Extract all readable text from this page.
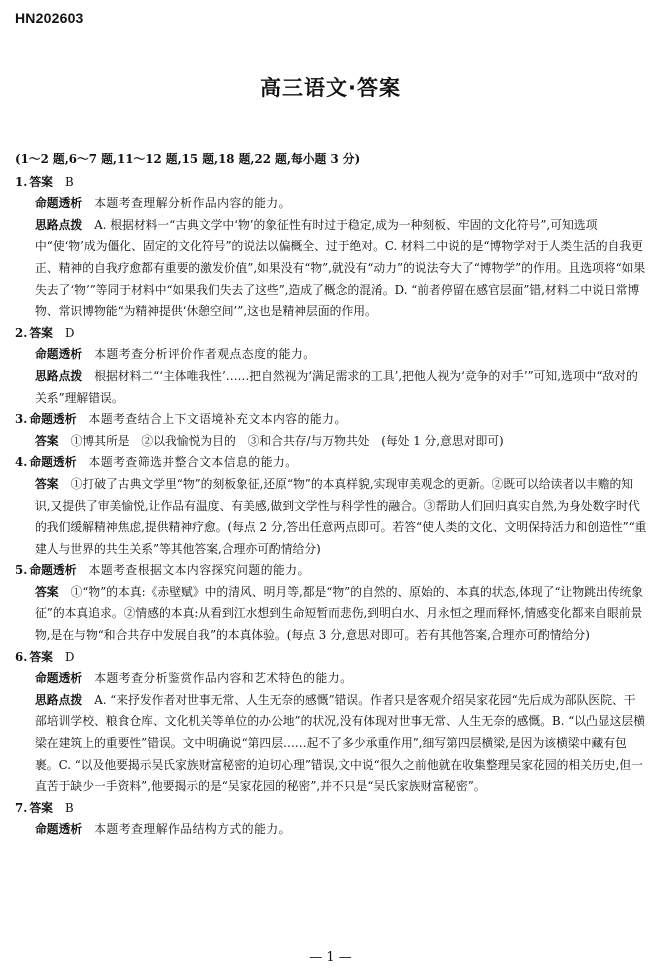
HN202603
高三语文·答案
(1～2 题,6～7 题,11～12 题,15 题,18 题,22 题,每小题 3 分)
1. 答案 B
命题透析 本题考查理解分析作品内容的能力。
思路点拨 A. 根据材料一“古典文学中‘物’的象征性有时过于稳定,成为一种刻板、牢固的文化符号”,可知选项中“使‘物’成为僵化、固定的文化符号”的说法以偏概全、过于绝对。C. 材料二中说的是“博物学对于人类生活的自我更正、精神的自我疗愈都有重要的激发价值”,如果没有“物”,就没有“动力”的说法夸大了“博物学”的作用。且选项将“如果失去了‘物’”等同于材料中“如果我们失去了这些”,造成了概念的混淆。D. “前者停留在感官层面”错,材料二中说日常博物、常识博物能“为精神提供‘休憩空间’”,这也是精神层面的作用。
2. 答案 D
命题透析 本题考查分析评价作者观点态度的能力。
思路点拨 根据材料二“‘主体唯我性’……把自然视为‘满足需求的工具’,把他人视为‘竞争的对手’”可知,选项中“敌对的关系”理解错误。
3. 命题透析 本题考查结合上下文语境补充文本内容的能力。
答案 ①博其所是　②以我愉悦为目的　③和合共存/与万物共处　(每处 1 分,意思对即可)
4. 命题透析 本题考查筛选并整合文本信息的能力。
答案 ①打破了古典文学里“物”的刻板象征,还原“物”的本真样貌,实现审美观念的更新。②既可以给读者以丰赡的知识,又提供了审美愉悦,让作品有温度、有美感,做到文学性与科学性的融合。③帮助人们回归真实自然,为身处数字时代的我们缓解精神焦虑,提供精神疗愈。(每点 2 分,答出任意两点即可。若答“使人类的文化、文明保持活力和创造性”“重建人与世界的共生关系”等其他答案,合理亦可酌情给分)
5. 命题透析 本题考查根据文本内容探究问题的能力。
答案 ①“物”的本真:《赤壁赋》中的清风、明月等,都是“物”的自然的、原始的、本真的状态,体现了“让物跳出传统象征”的本真追求。②情感的本真:从看到江水想到生命短暂而悲伤,到明白水、月永恒之理而释怀,情感变化都来自眼前景物,是在与物“和合共存中发展自我”的本真体验。(每点 3 分,意思对即可。若有其他答案,合理亦可酌情给分)
6. 答案 D
命题透析 本题考查分析鉴赏作品内容和艺术特色的能力。
思路点拨 A. “来抒发作者对世事无常、人生无奈的感慨”错误。作者只是客观介绍吴家花园“先后成为部队医院、干部培训学校、粮食仓库、文化机关等单位的办公地”的状况,没有体现对世事无常、人生无奈的感慨。B. “以凸显这层横梁在建筑上的重要性”错误。文中明确说“第四层……起不了多少承重作用”,细写第四层横梁,是因为该横梁中藏有包裹。C. “以及他要揭示吴氏家族财富秘密的迫切心理”错误,文中说“很久之前他就在收集整理吴家花园的相关历史,但一直苦于缺少一手资料”,他要揭示的是“吴家花园的秘密”,并不只是“吴氏家族财富秘密”。
7. 答案 B
命题透析 本题考查理解作品结构方式的能力。
— 1 —
